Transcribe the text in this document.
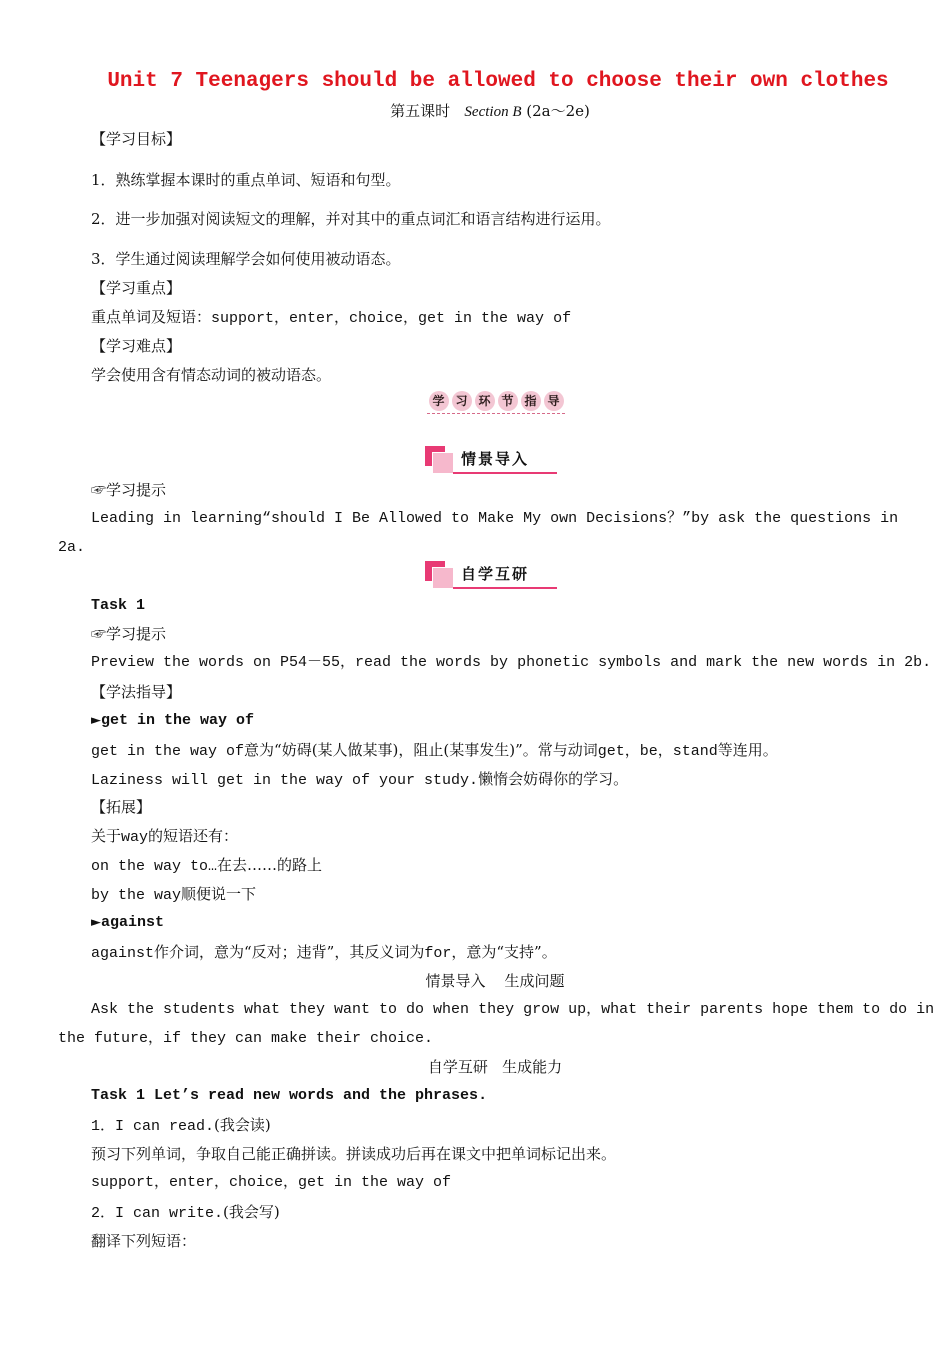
Unit 7 Teenagers should be allowed to choose their own clothes
第五课时 Section B (2a～2e)
【学习目标】
1．熟练掌握本课时的重点单词、短语和句型。
2．进一步加强对阅读短文的理解，并对其中的重点词汇和语言结构进行运用。
3．学生通过阅读理解学会如何使用被动语态。
【学习重点】
重点单词及短语：support，enter，choice，get in the way of
【学习难点】
学会使用含有情态动词的被动语态。
学 习 环 节 指 导
情景导入
☞学习提示
Leading in learning“should I Be Allowed to Make My own Decisions？”by ask the questions in
2a.
自学互研
Task 1
☞学习提示
Preview the words on P54－55，read the words by phonetic symbols and mark the new words in 2b.
【学法指导】
►get in the way of
get in the way of意为“妨碍(某人做某事)，阻止(某事发生)”。常与动词get，be，stand等连用。
Laziness will get in the way of your study.懒惰会妨碍你的学习。
【拓展】
关于way的短语还有：
on the way to…在去……的路上
by the way顺便说一下
►against
against作介词，意为“反对；违背”，其反义词为for，意为“支持”。
情景导入 生成问题
Ask the students what they want to do when they grow up，what their parents hope them to do in
the future，if they can make their choice.
自学互研 生成能力
Task 1 Let’s read new words and the phrases.
1．I can read.(我会读)
预习下列单词，争取自己能正确拼读。拼读成功后再在课文中把单词标记出来。
support，enter，choice，get in the way of
2．I can write.(我会写)
翻译下列短语：
